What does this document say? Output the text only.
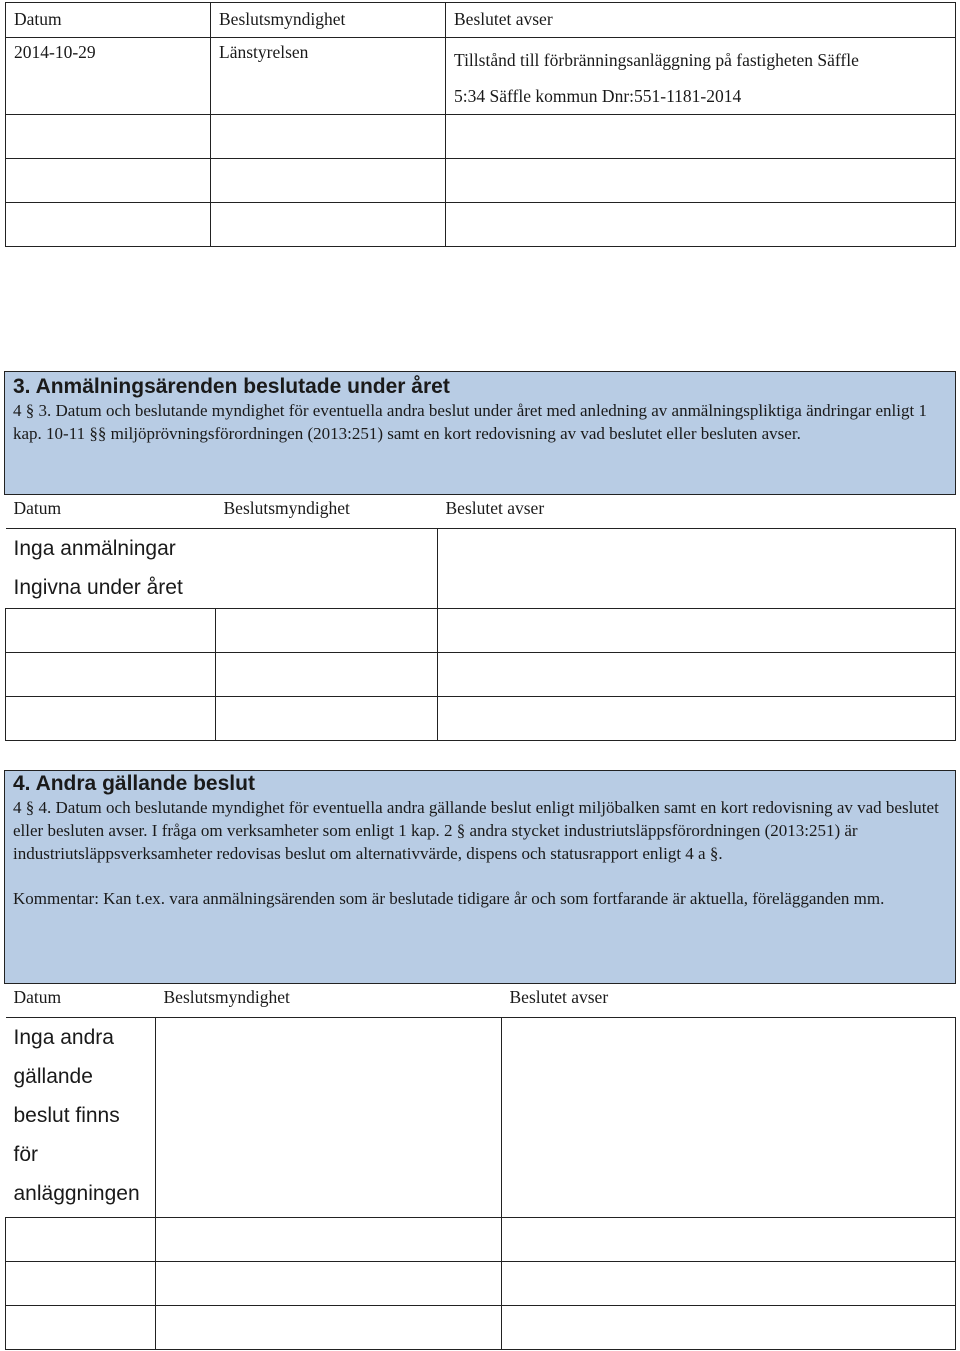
Datum	Beslutsmyndighet	Beslutet avser
2014-10-29	Länstyrelsen	Tillstånd till förbränningsanläggning på fastigheten Säffle
5:34 Säffle kommun Dnr:551-1181-2014

3. Anmälningsärenden beslutade under året

4 § 3. Datum och beslutande myndighet för eventuella andra beslut under året med anledning av anmälningspliktiga ändringar enligt 1 kap. 10-11 §§ miljöprövningsförordningen (2013:251) samt en kort redovisning av vad beslutet eller besluten avser.

Datum	Beslutsmyndighet	Beslutet avser
Inga anmälningar
Ingivna under året		

4. Andra gällande beslut

4 § 4. Datum och beslutande myndighet för eventuella andra gällande beslut enligt miljöbalken samt en kort redovisning av vad beslutet eller besluten avser. I fråga om verksamheter som enligt 1 kap. 2 § andra stycket industriutsläppsförordningen (2013:251) är industriutsläppsverksamheter redovisas beslut om alternativvärde, dispens och statusrapport enligt 4 a §.

Kommentar: Kan t.ex. vara anmälningsärenden som är beslutade tidigare år och som fortfarande är aktuella, förelägganden mm.

Datum	Beslutsmyndighet	Beslutet avser
Inga andra
gällande
beslut finns
för
anläggningen		
